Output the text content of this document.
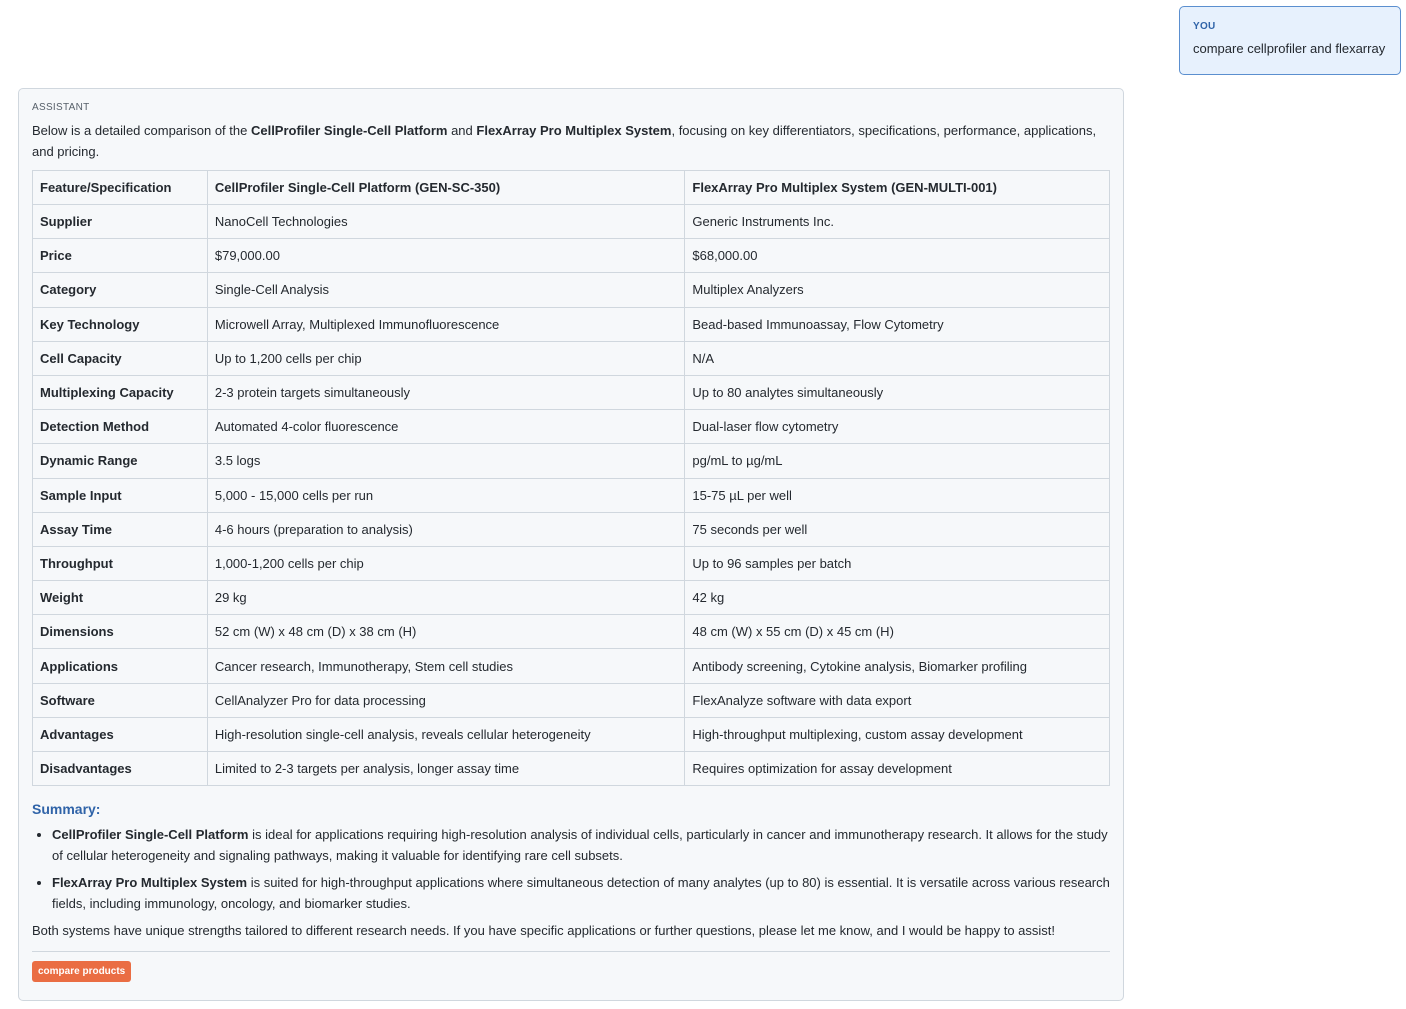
YOU
compare cellprofiler and flexarray
ASSISTANT

Below is a detailed comparison of the CellProfiler Single-Cell Platform and FlexArray Pro Multiplex System, focusing on key differentiators, specifications, performance, applications, and pricing.

Feature/Specification	CellProfiler Single-Cell Platform (GEN-SC-350)	FlexArray Pro Multiplex System (GEN-MULTI-001)
Supplier	NanoCell Technologies	Generic Instruments Inc.
Price	$79,000.00	$68,000.00
Category	Single-Cell Analysis	Multiplex Analyzers
Key Technology	Microwell Array, Multiplexed Immunofluorescence	Bead-based Immunoassay, Flow Cytometry
Cell Capacity	Up to 1,200 cells per chip	N/A
Multiplexing Capacity	2-3 protein targets simultaneously	Up to 80 analytes simultaneously
Detection Method	Automated 4-color fluorescence	Dual-laser flow cytometry
Dynamic Range	3.5 logs	pg/mL to µg/mL
Sample Input	5,000 - 15,000 cells per run	15-75 µL per well
Assay Time	4-6 hours (preparation to analysis)	75 seconds per well
Throughput	1,000-1,200 cells per chip	Up to 96 samples per batch
Weight	29 kg	42 kg
Dimensions	52 cm (W) x 48 cm (D) x 38 cm (H)	48 cm (W) x 55 cm (D) x 45 cm (H)
Applications	Cancer research, Immunotherapy, Stem cell studies	Antibody screening, Cytokine analysis, Biomarker profiling
Software	CellAnalyzer Pro for data processing	FlexAnalyze software with data export
Advantages	High-resolution single-cell analysis, reveals cellular heterogeneity	High-throughput multiplexing, custom assay development
Disadvantages	Limited to 2-3 targets per analysis, longer assay time	Requires optimization for assay development
Summary:
• CellProfiler Single-Cell Platform is ideal for applications requiring high-resolution analysis of individual cells, particularly in cancer and immunotherapy research. It allows for the study of cellular heterogeneity and signaling pathways, making it valuable for identifying rare cell subsets.
• FlexArray Pro Multiplex System is suited for high-throughput applications where simultaneous detection of many analytes (up to 80) is essential. It is versatile across various research fields, including immunology, oncology, and biomarker studies.

Both systems have unique strengths tailored to different research needs. If you have specific applications or further questions, please let me know, and I would be happy to assist!

compare products
